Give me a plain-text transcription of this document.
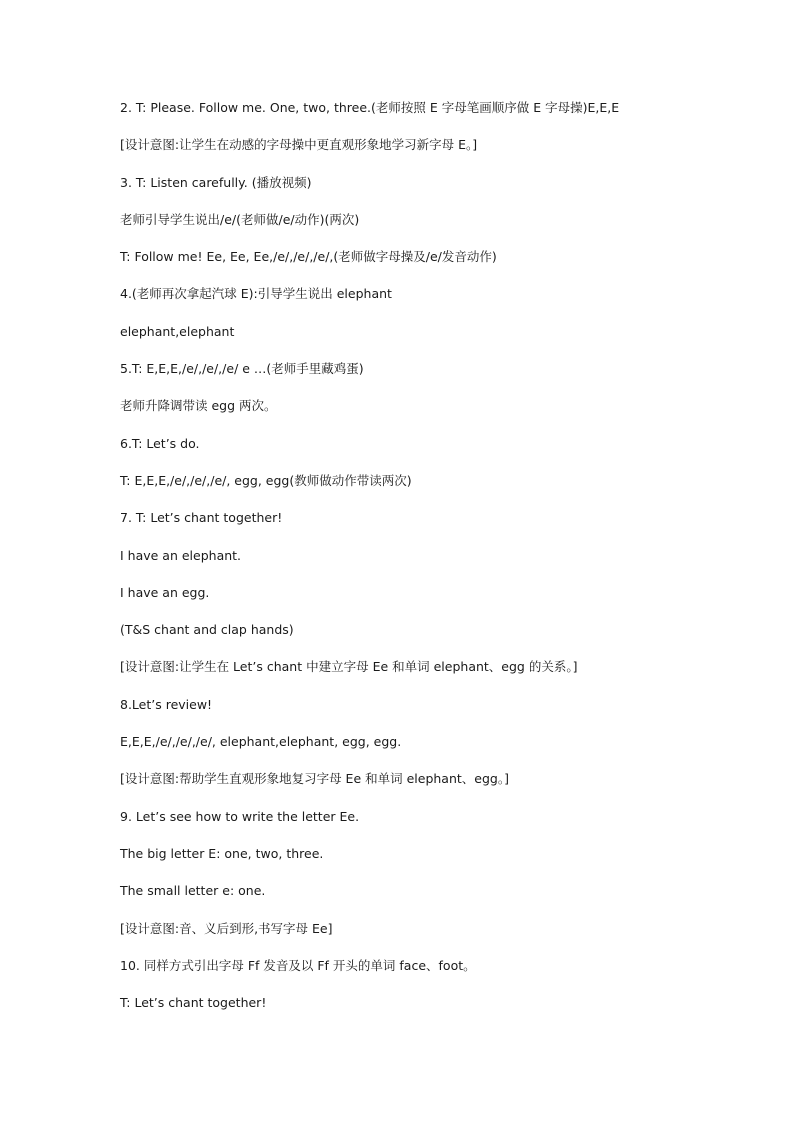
2. T: Please. Follow me. One, two, three.(老师按照 E 字母笔画顺序做 E 字母操)E,E,E
[设计意图:让学生在动感的字母操中更直观形象地学习新字母 E。]
3. T: Listen carefully. (播放视频)
老师引导学生说出/e/(老师做/e/动作)(两次)
T: Follow me! Ee, Ee, Ee,/e/,/e/,/e/,(老师做字母操及/e/发音动作)
4.(老师再次拿起汽球 E):引导学生说出 elephant
elephant,elephant
5.T: E,E,E,/e/,/e/,/e/ e …(老师手里藏鸡蛋)
老师升降调带读 egg 两次。
6.T: Let’s do.
T: E,E,E,/e/,/e/,/e/, egg, egg(教师做动作带读两次)
7. T: Let’s chant together!
I have an elephant.
I have an egg.
(T&S chant and clap hands)
[设计意图:让学生在 Let’s chant 中建立字母 Ee 和单词 elephant、egg 的关系。]
8.Let’s review!
E,E,E,/e/,/e/,/e/, elephant,elephant, egg, egg.
[设计意图:帮助学生直观形象地复习字母 Ee 和单词 elephant、egg。]
9. Let’s see how to write the letter Ee.
The big letter E: one, two, three.
The small letter e: one.
[设计意图:音、义后到形,书写字母 Ee]
10. 同样方式引出字母 Ff 发音及以 Ff 开头的单词 face、foot。
T: Let’s chant together!
